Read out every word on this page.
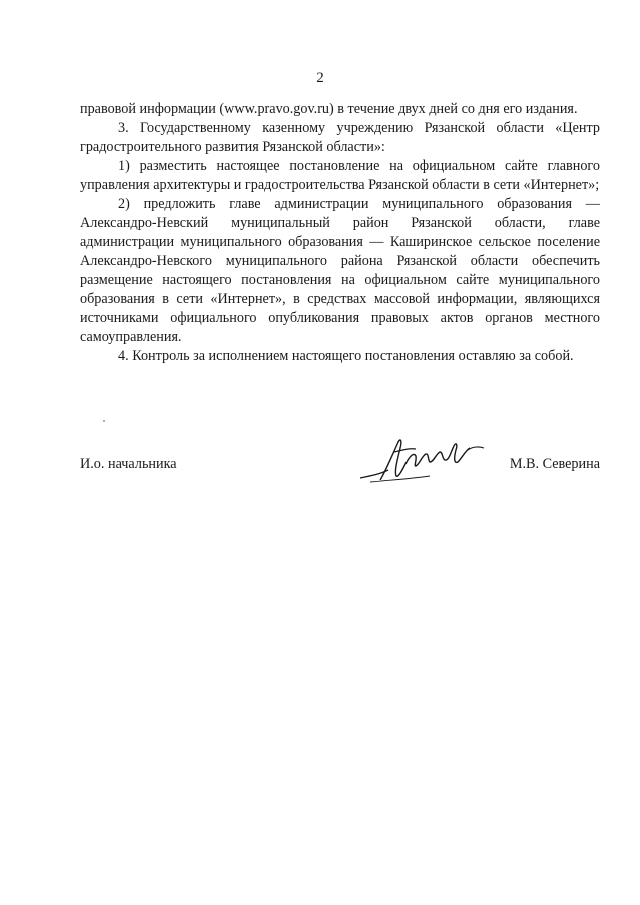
2

правовой информации (www.pravo.gov.ru) в течение двух дней со дня его издания.

3. Государственному казенному учреждению Рязанской области «Центр градостроительного развития Рязанской области»:

1) разместить настоящее постановление на официальном сайте главного управления архитектуры и градостроительства Рязанской области в сети «Интернет»;

2) предложить главе администрации муниципального образования — Александро-Невский муниципальный район Рязанской области, главе администрации муниципального образования — Каширинское сельское поселение Александро-Невского муниципального района Рязанской области обеспечить размещение настоящего постановления на официальном сайте муниципального образования в сети «Интернет», в средствах массовой информации, являющихся источниками официального опубликования правовых актов органов местного самоуправления.

4. Контроль за исполнением настоящего постановления оставляю за собой.

И.о. начальника	М.В. Северина
